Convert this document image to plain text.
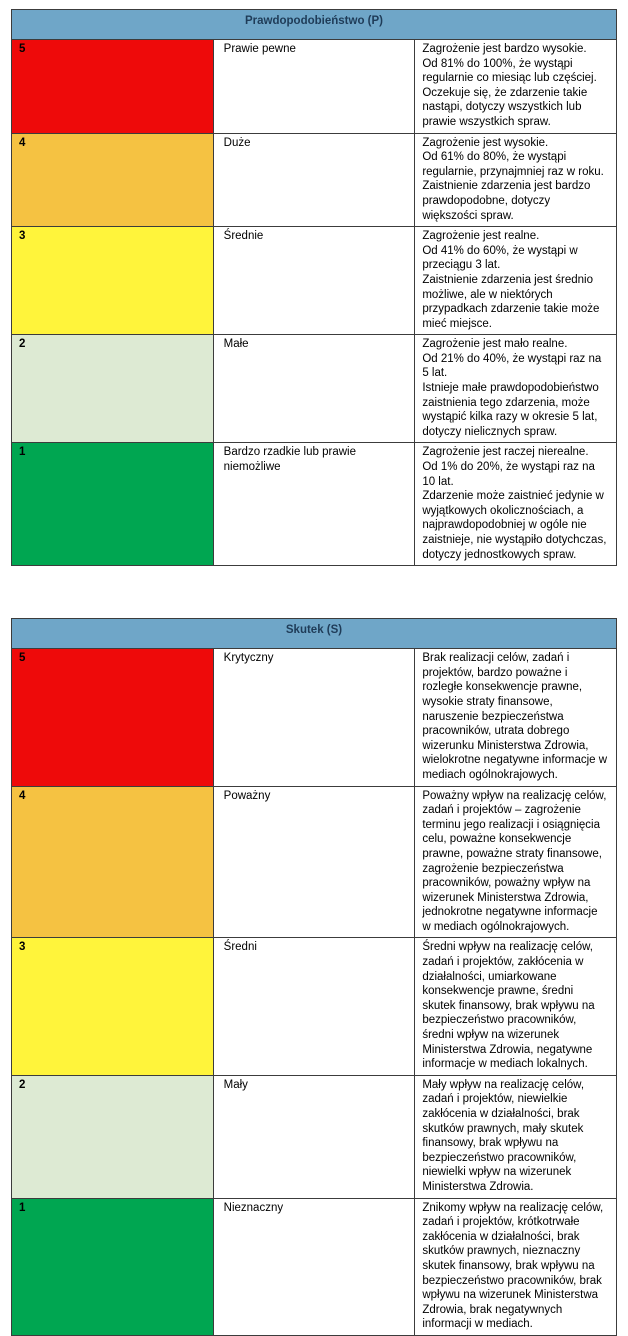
Prawdopodobieństwo (P)		
5	Prawie pewne	Zagrożenie jest bardzo wysokie.
Od 81% do 100%, że wystąpi regularnie co miesiąc lub częściej.
Oczekuje się, że zdarzenie takie nastąpi, dotyczy wszystkich lub prawie wszystkich spraw.

4	Duże	Zagrożenie jest wysokie.
Od 61% do 80%, że wystąpi regularnie, przynajmniej raz w roku.
Zaistnienie zdarzenia jest bardzo prawdopodobne, dotyczy większości spraw.

3	Średnie	Zagrożenie jest realne.
Od 41% do 60%, że wystąpi w przeciągu 3 lat.
Zaistnienie zdarzenia jest średnio możliwe, ale w niektórych przypadkach zdarzenie takie może mieć miejsce.

2	Małe	Zagrożenie jest mało realne.
Od 21% do 40%, że wystąpi raz na 5 lat.
Istnieje małe prawdopodobieństwo zaistnienia tego zdarzenia, może wystąpić kilka razy w okresie 5 lat, dotyczy nielicznych spraw.

1	Bardzo rzadkie lub prawie niemożliwe	Zagrożenie jest raczej nierealne.
Od 1% do 20%, że wystąpi raz na 10 lat.
Zdarzenie może zaistnieć jedynie w wyjątkowych okolicznościach, a najprawdopodobniej w ogóle nie zaistnieje, nie wystąpiło dotychczas, dotyczy jednostkowych spraw.
Skutek (S)		
5	Krytyczny	Brak realizacji celów, zadań i projektów, bardzo poważne i rozległe konsekwencje prawne, wysokie straty finansowe, naruszenie bezpieczeństwa pracowników, utrata dobrego wizerunku Ministerstwa Zdrowia, wielokrotne negatywne informacje w mediach ogólnokrajowych.

4	Poważny	Poważny wpływ na realizację celów, zadań i projektów – zagrożenie terminu jego realizacji i osiągnięcia celu, poważne konsekwencje prawne, poważne straty finansowe, zagrożenie bezpieczeństwa pracowników, poważny wpływ na wizerunek Ministerstwa Zdrowia, jednokrotne negatywne informacje w mediach ogólnokrajowych.

3	Średni	Średni wpływ na realizację celów, zadań i projektów, zakłócenia w działalności, umiarkowane konsekwencje prawne, średni skutek finansowy, brak wpływu na bezpieczeństwo pracowników, średni wpływ na wizerunek Ministerstwa Zdrowia, negatywne informacje w mediach lokalnych.

2	Mały	Mały wpływ na realizację celów, zadań i projektów, niewielkie zakłócenia w działalności, brak skutków prawnych, mały skutek finansowy, brak wpływu na bezpieczeństwo pracowników, niewielki wpływ na wizerunek Ministerstwa Zdrowia.

1	Nieznaczny	Znikomy wpływ na realizację celów, zadań i projektów, krótkotrwałe zakłócenia w działalności, brak skutków prawnych, nieznaczny skutek finansowy, brak wpływu na bezpieczeństwo pracowników, brak wpływu na wizerunek Ministerstwa Zdrowia, brak negatywnych informacji w mediach.
